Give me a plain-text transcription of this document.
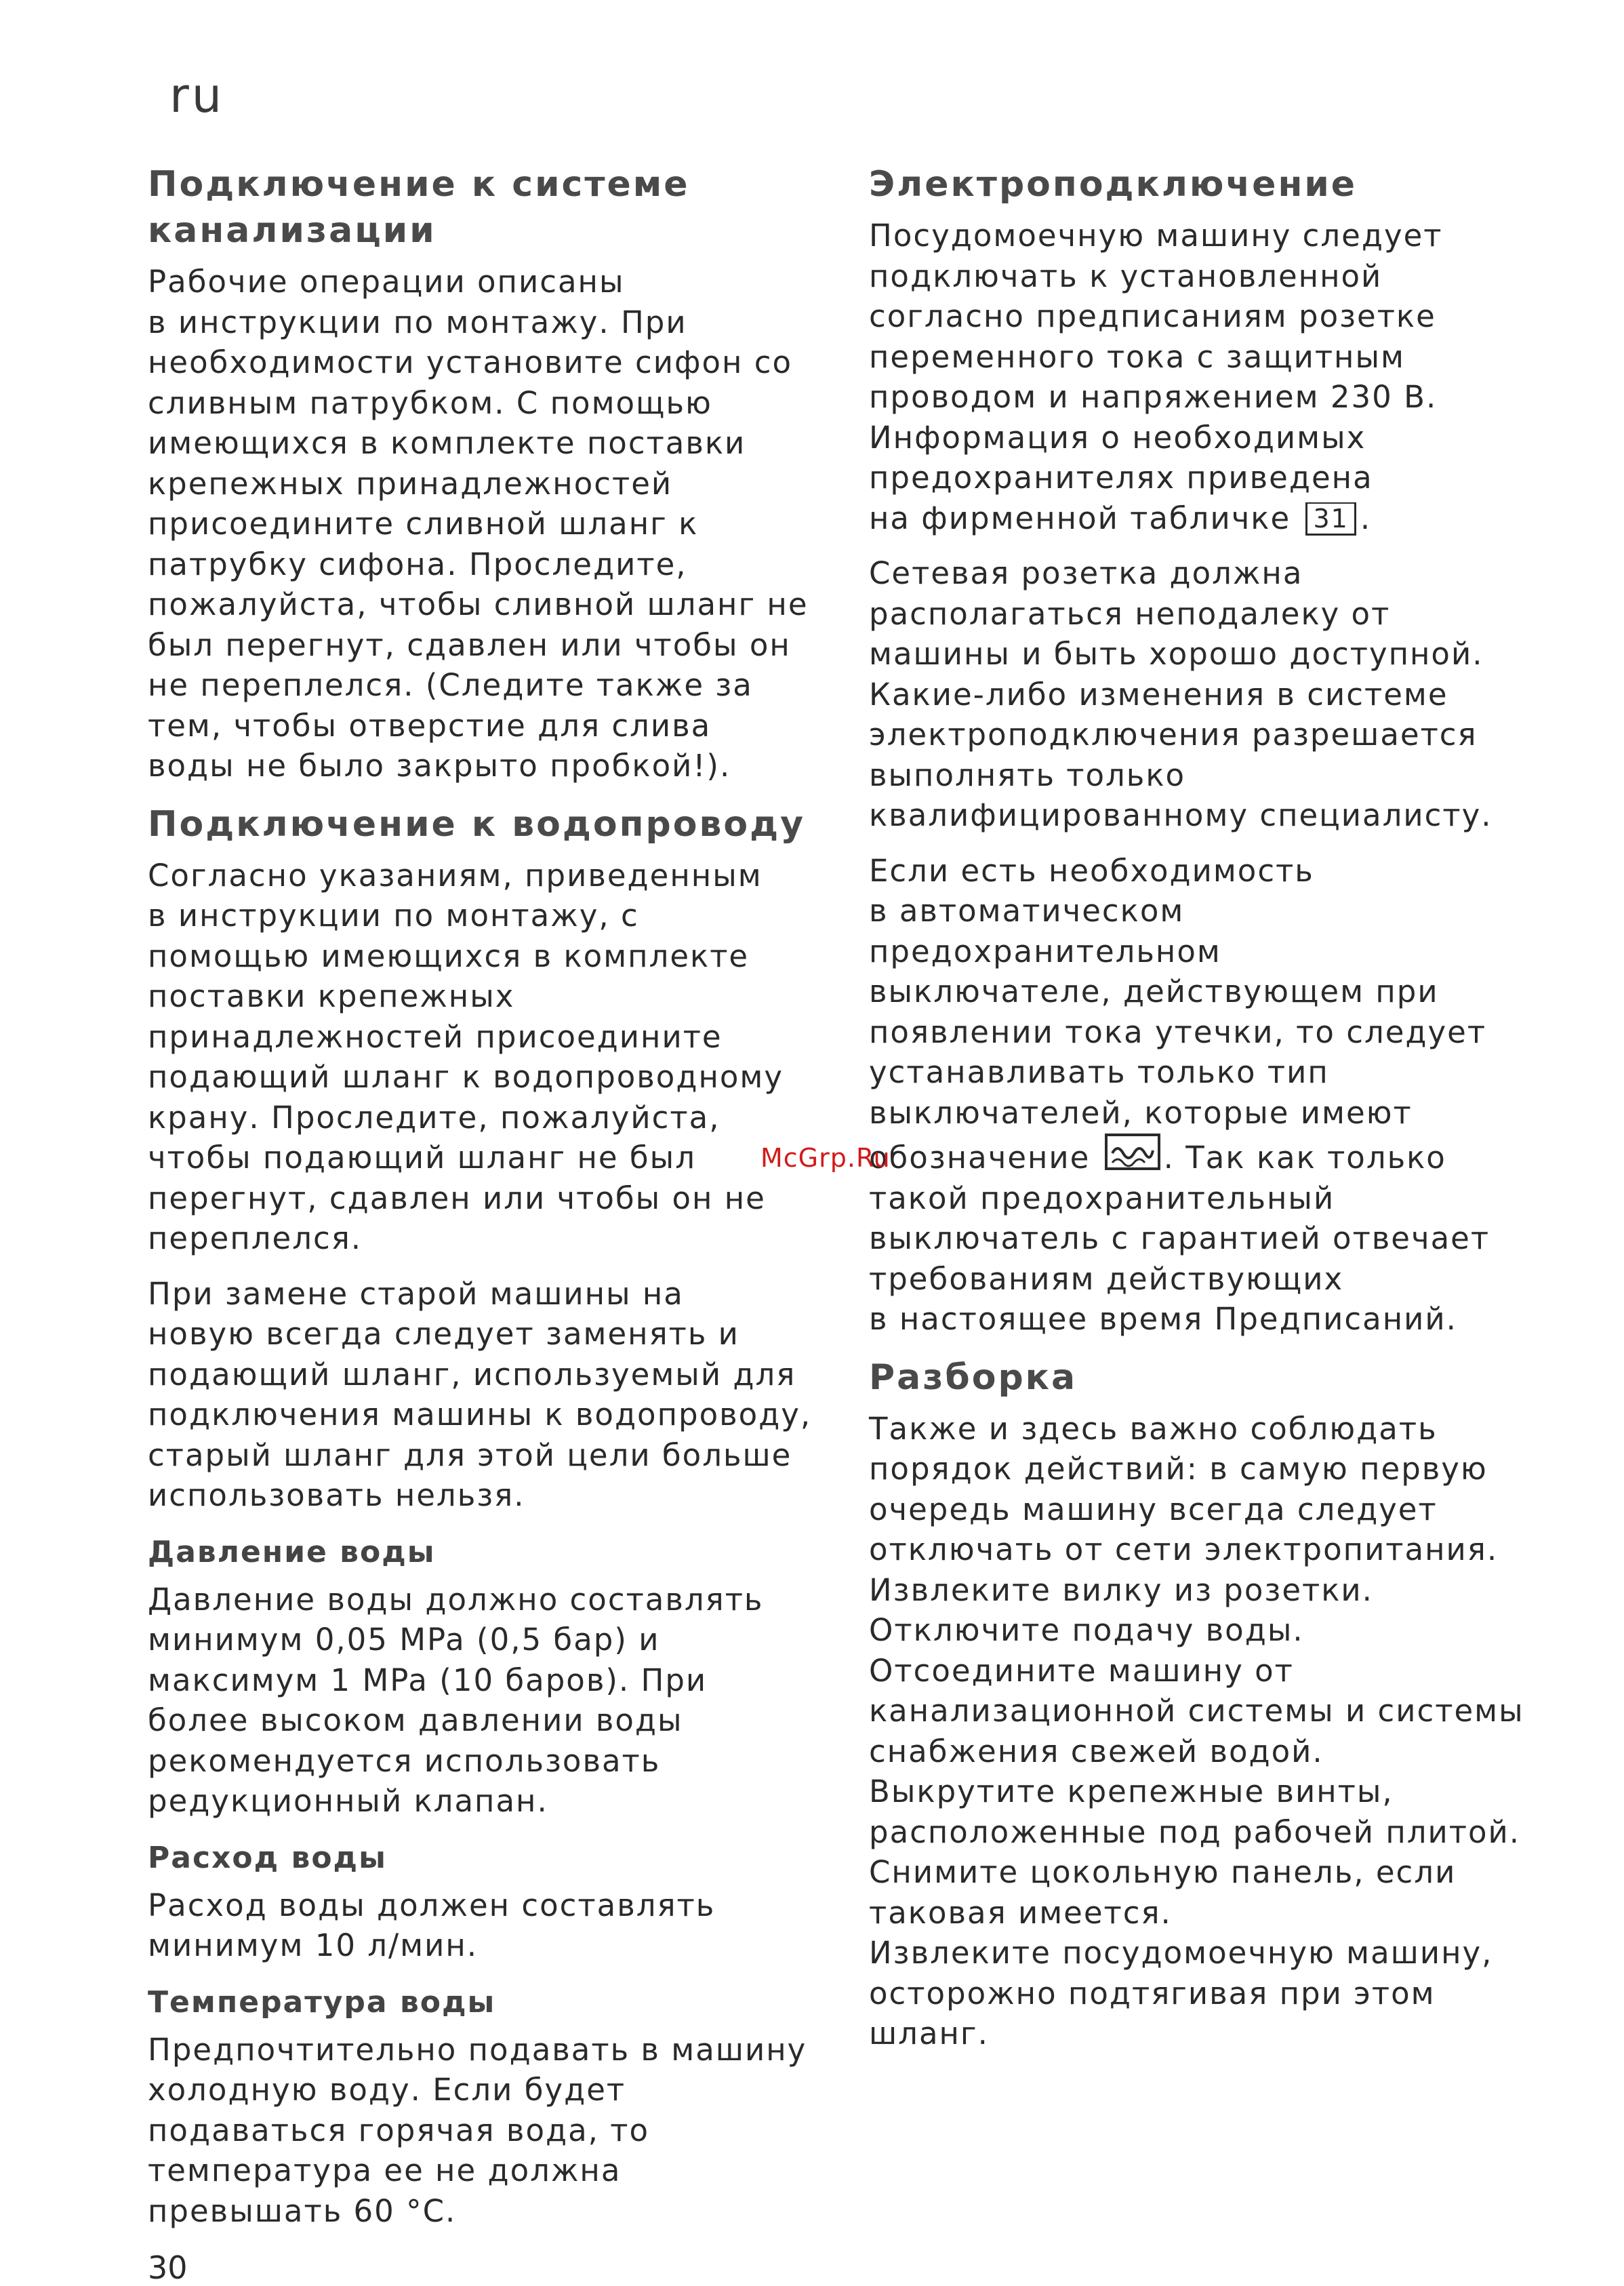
ru
Подключение к системе
канализации
Рабочие операции описаны
в инструкции по монтажу. При
необходимости установите сифон со
сливным патрубком. С помощью
имеющихся в комплекте поставки
крепежных принадлежностей
присоедините сливной шланг к
патрубку сифона. Проследите,
пожалуйста, чтобы сливной шланг не
был перегнут, сдавлен или чтобы он
не переплелся. (Следите также за
тем, чтобы отверстие для слива
воды не было закрыто пробкой!).
Подключение к водопроводу
Согласно указаниям, приведенным
в инструкции по монтажу, с
помощью имеющихся в комплекте
поставки крепежных
принадлежностей присоедините
подающий шланг к водопроводному
крану. Проследите, пожалуйста,
чтобы подающий шланг не был
перегнут, сдавлен или чтобы он не
переплелся.
При замене старой машины на
новую всегда следует заменять и
подающий шланг, используемый для
подключения машины к водопроводу,
старый шланг для этой цели больше
использовать нельзя.
Давление воды
Давление воды должно составлять
минимум 0,05 MPa (0,5 бар) и
максимум 1 MPa (10 баров). При
более высоком давлении воды
рекомендуется использовать
редукционный клапан.
Расход воды
Расход воды должен составлять
минимум 10 л/мин.
Температура воды
Предпочтительно подавать в машину
холодную воду. Если будет
подаваться горячая вода, то
температура ее не должна
превышать 60 °C.
Электроподключение
Посудомоечную машину следует
подключать к установленной
согласно предписаниям розетке
переменного тока с защитным
проводом и напряжением 230 В.
Информация о необходимых
предохранителях приведена
на фирменной табличке 31 .
Сетевая розетка должна
располагаться неподалеку от
машины и быть хорошо доступной.
Какие-либо изменения в системе
электроподключения разрешается
выполнять только
квалифицированному специалисту.
Если есть необходимость
в автоматическом предохранительном
выключателе, действующем при
появлении тока утечки, то следует
устанавливать только тип
выключателей, которые имеют
обозначение . Так как только
такой предохранительный
выключатель с гарантией отвечает
требованиям действующих
в настоящее время Предписаний.
Разборка
Также и здесь важно соблюдать
порядок действий: в самую первую
очередь машину всегда следует
отключать от сети электропитания.
Извлеките вилку из розетки.
Отключите подачу воды.
Отсоедините машину от
канализационной системы и системы
снабжения свежей водой.
Выкрутите крепежные винты,
расположенные под рабочей плитой.
Снимите цокольную панель, если
таковая имеется.
Извлеките посудомоечную машину,
осторожно подтягивая при этом
шланг.
McGrp.Ru
30
